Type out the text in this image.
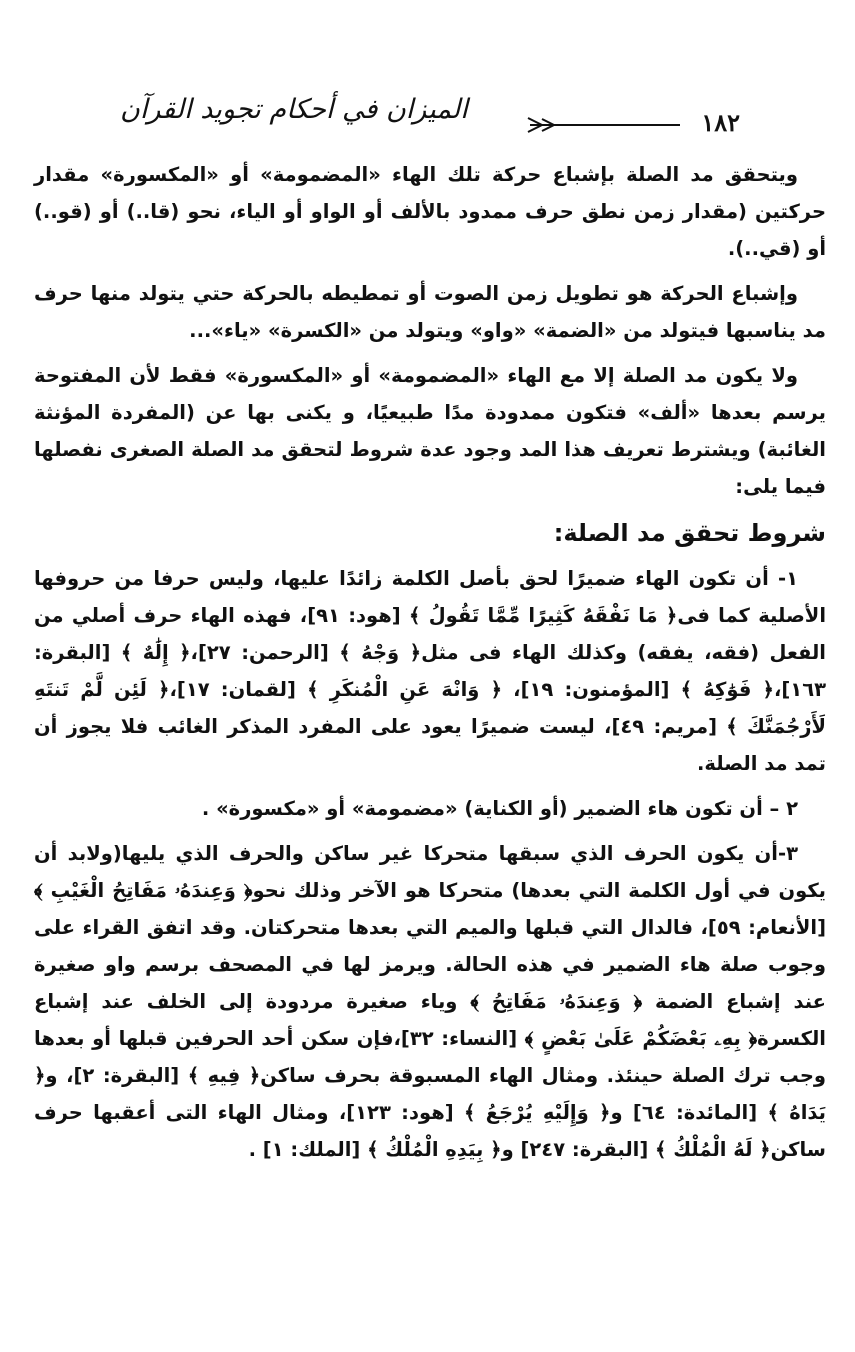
١٨٢
الميزان في أحكام تجويد القرآن

ويتحقق مد الصلة بإشباع حركة تلك الهاء «المضمومة» أو «المكسورة» مقدار حركتين (مقدار زمن نطق حرف ممدود بالألف أو الواو أو الياء، نحو (قا..) أو (قو..) أو (قي..).

وإشباع الحركة هو تطويل زمن الصوت أو تمطيطه بالحركة حتي يتولد منها حرف مد يناسبها فيتولد من «الضمة» «واو» ويتولد من «الكسرة» «ياء»...

ولا يكون مد الصلة إلا مع الهاء «المضمومة» أو «المكسورة» فقط لأن المفتوحة يرسم بعدها «ألف» فتكون ممدودة مدًا طبيعيًا، و يكنى بها عن (المفردة المؤنثة الغائبة) ويشترط تعريف هذا المد وجود عدة شروط لتحقق مد الصلة الصغرى نفصلها فيما يلى:

شروط تحقق مد الصلة:

١- أن تكون الهاء ضميرًا لحق بأصل الكلمة زائدًا عليها، وليس حرفا من حروفها الأصلية كما فى﴿ مَا نَفْقَهُ كَثِيرًا مِّمَّا تَقُولُ ﴾ [هود: ٩١]، فهذه الهاء حرف أصلي من الفعل (فقه، يفقه) وكذلك الهاء فى مثل﴿ وَجْهُ ﴾ [الرحمن: ٢٧]،﴿ إِلَٰهٌ ﴾ [البقرة: ١٦٣]،﴿ فَوَٰكِهُ ﴾ [المؤمنون: ١٩]، ﴿ وَانْهَ عَنِ الْمُنكَرِ ﴾ [لقمان: ١٧]،﴿ لَئِن لَّمْ تَنتَهِ لَأَرْجُمَنَّكَ ﴾ [مريم: ٤٩]، ليست ضميرًا يعود على المفرد المذكر الغائب فلا يجوز أن تمد مد الصلة.

٢ – أن تكون هاء الضمير (أو الكناية) «مضمومة» أو «مكسورة» .

٣-أن يكون الحرف الذي سبقها متحركا غير ساكن والحرف الذي يليها(ولابد أن يكون في أول الكلمة التي بعدها) متحركا هو الآخر وذلك نحو﴿ وَعِندَهُۥ مَفَاتِحُ الْغَيْبِ ﴾ [الأنعام: ٥٩]، فالدال التي قبلها والميم التي بعدها متحركتان. وقد اتفق القراء على وجوب صلة هاء الضمير في هذه الحالة. ويرمز لها في المصحف برسم واو صغيرة عند إشباع الضمة ﴿ وَعِندَهُۥ مَفَاتِحُ ﴾ وياء صغيرة مردودة إلى الخلف عند إشباع الكسرة﴿ بِهِۦ بَعْضَكُمْ عَلَىٰ بَعْضٍ ﴾ [النساء: ٣٢]،فإن سكن أحد الحرفين قبلها أو بعدها وجب ترك الصلة حينئذ. ومثال الهاء المسبوقة بحرف ساكن﴿ فِيهِ ﴾ [البقرة: ٢]، و﴿ يَدَاهُ ﴾ [المائدة: ٦٤] و﴿ وَإِلَيْهِ يُرْجَعُ ﴾ [هود: ١٢٣]، ومثال الهاء التى أعقبها حرف ساكن﴿ لَهُ الْمُلْكُ ﴾ [البقرة: ٢٤٧] و﴿ بِيَدِهِ الْمُلْكُ ﴾ [الملك: ١] .
